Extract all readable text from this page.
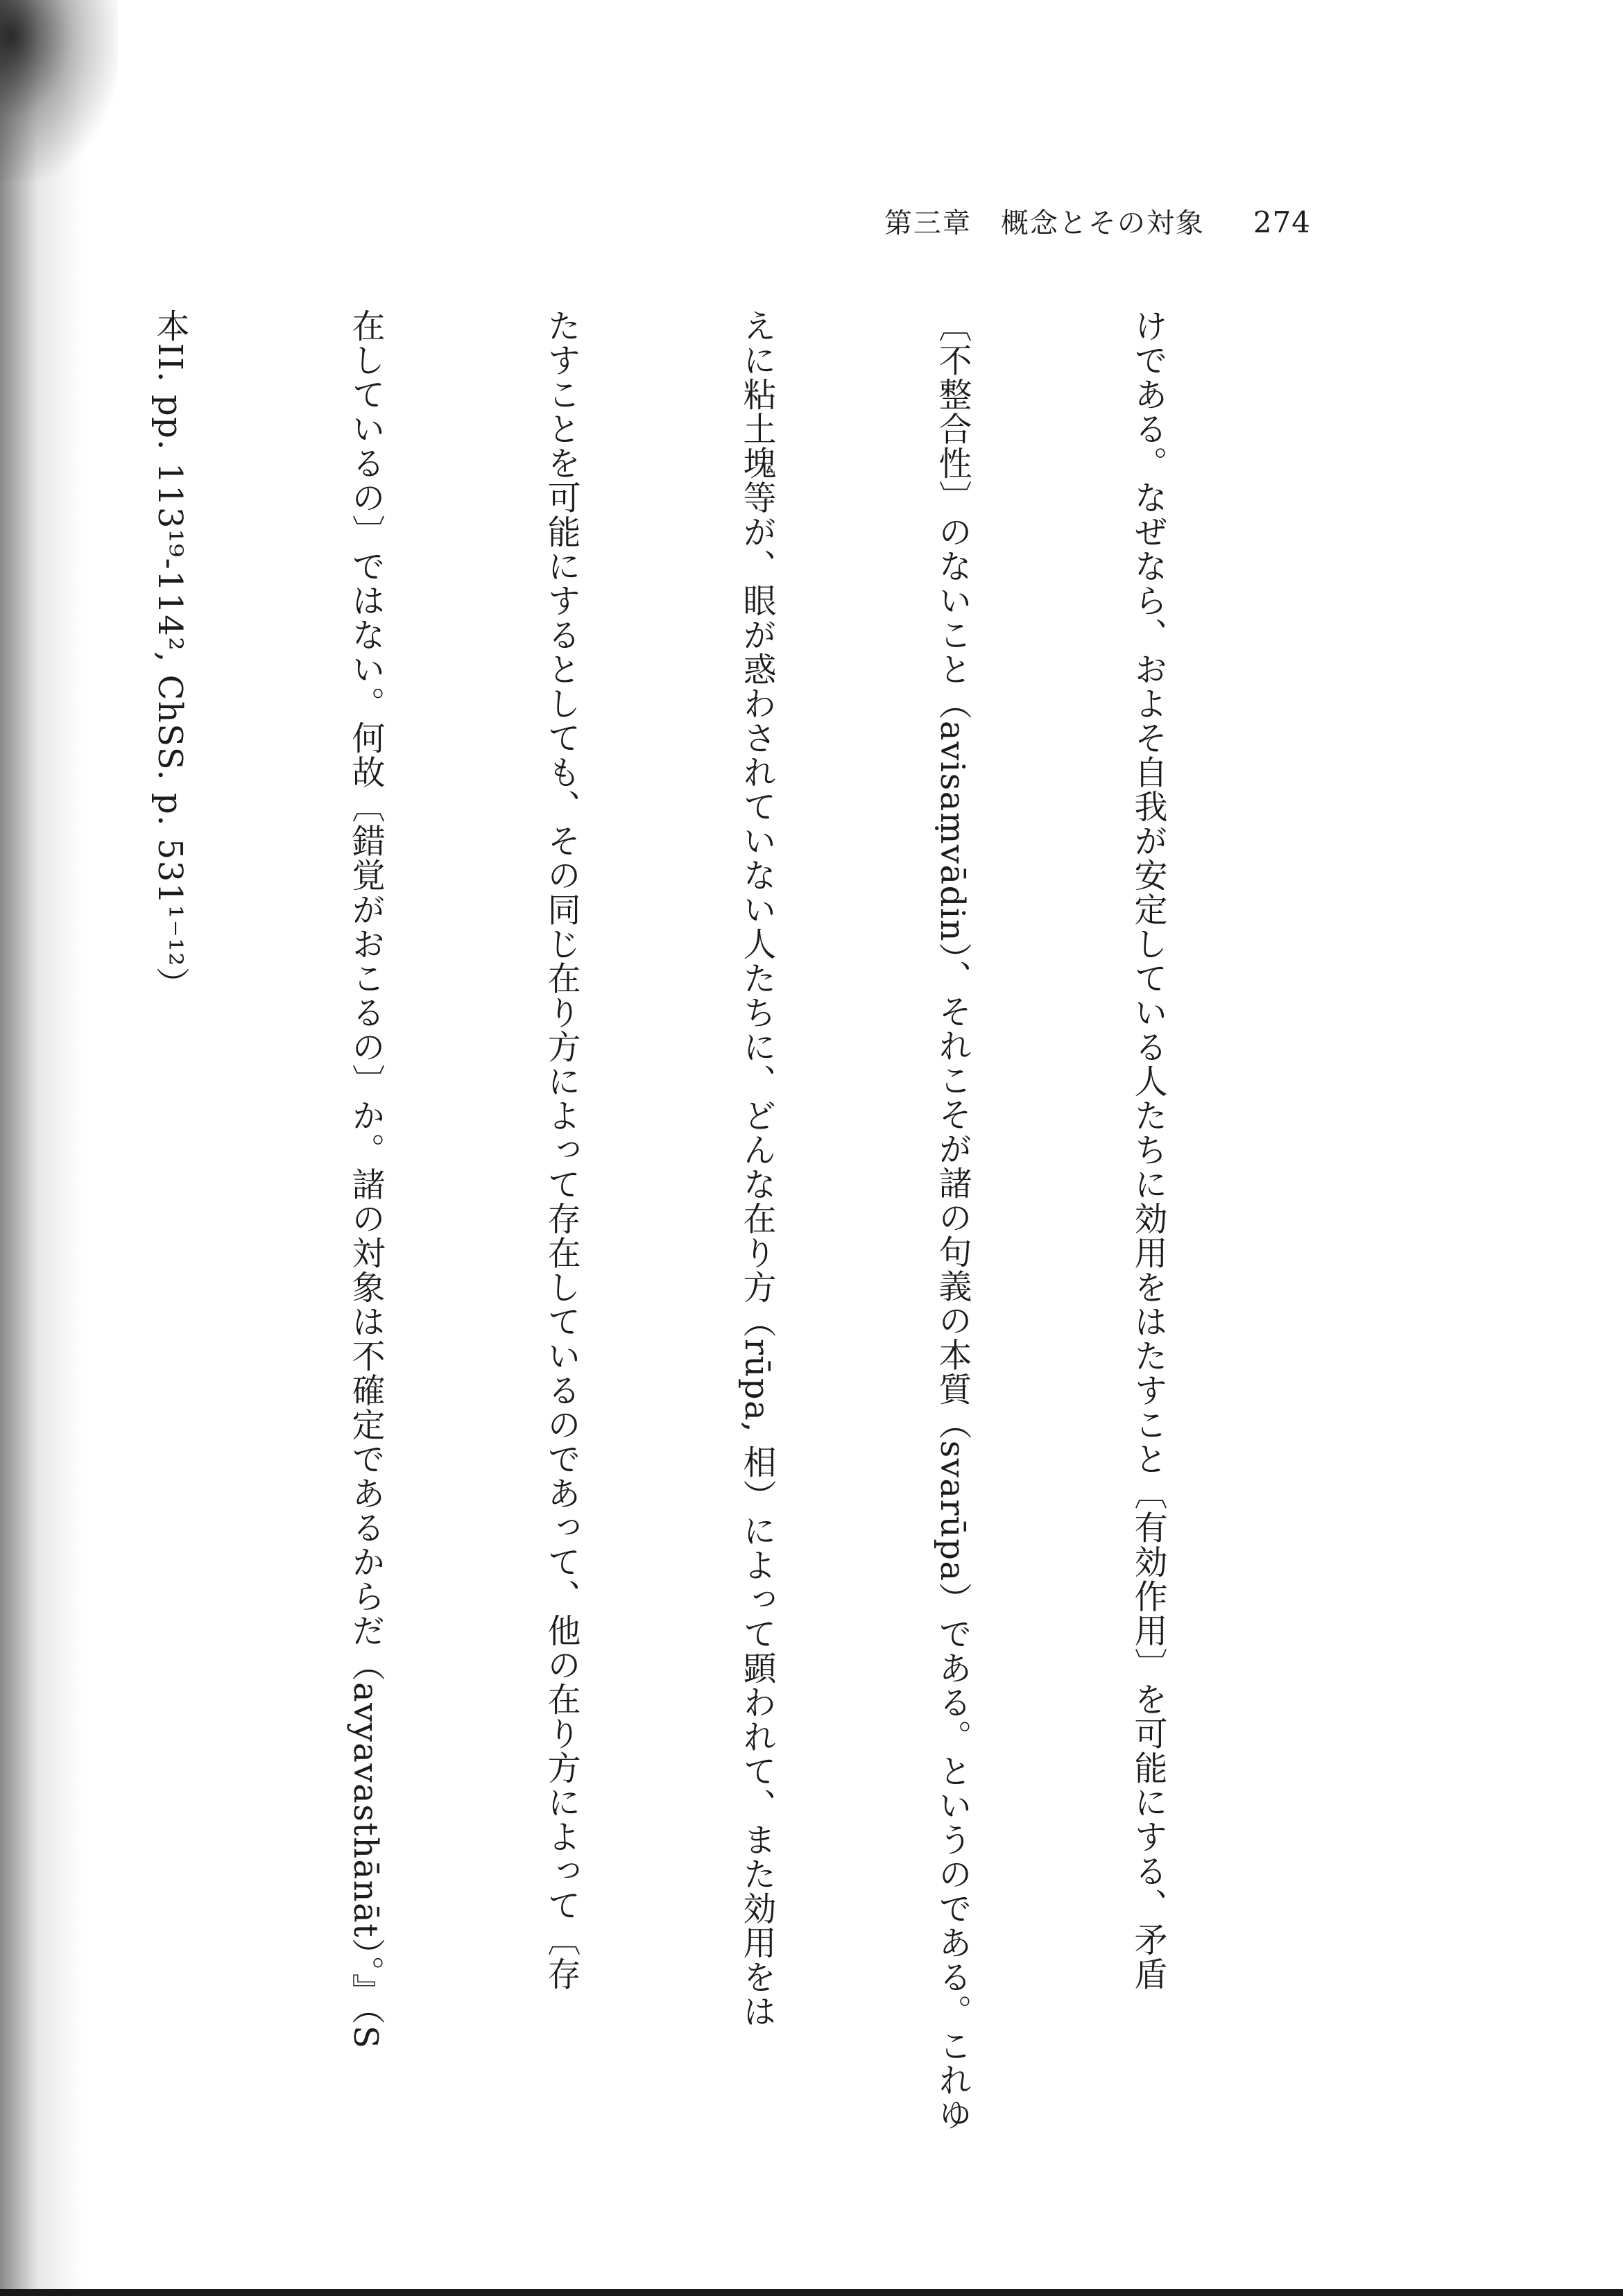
第三章　概念とその対象 274

けである。なぜなら、およそ自我が安定している人たちに効用をはたすこと〔有効作用〕を可能にする、矛盾

〔不整合性〕のないこと（avisaṃvādin）、それこそが諸の句義の本質（svarūpa）である。というのである。これゆ

えに粘土塊等が、眼が惑わされていない人たちに、どんな在り方（rūpa, 相）によって顕われて、また効用をは

たすことを可能にするとしても、その同じ在り方によって存在しているのであって、他の在り方によって〔存

在しているの〕ではない。何故〔錯覚がおこるの〕か。諸の対象は不確定であるからだ（avyavasthānāt）。』（S

本II. pp. 113¹⁹-114², ChSS. p. 531¹⁻¹²）
